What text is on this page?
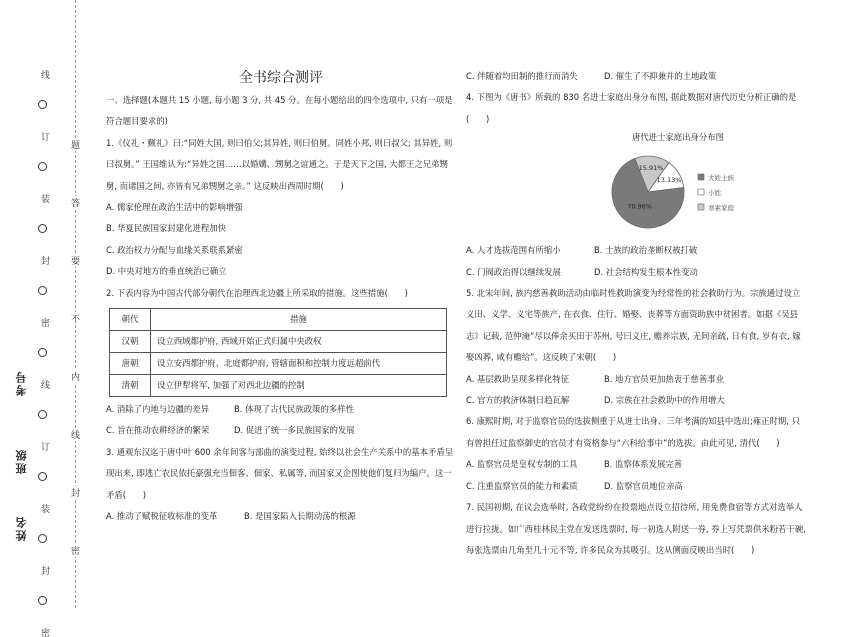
线
订
装
封
密
线
订
装
封
密
题
答
要
不
内
线
封
密
考号
班级
姓名
全书综合测评

一、选择题(本题共 15 小题, 每小题 3 分, 共 45 分。在每小题给出的四个选项中, 只有一项是符合题目要求的)

1.《仪礼・觐礼》曰:“同姓大国, 则曰伯父;其异姓, 则曰伯舅。同姓小邦, 则曰叔父; 其异姓, 则曰叔舅。” 王国维认为:“异姓之国……以婚媾、甥舅之谊通之。于是天下之国, 大都王之兄弟甥舅, 而诸国之间, 亦皆有兄弟甥舅之亲。” 这反映出西周时期(　　)

A. 儒家伦理在政治生活中的影响增强

B. 华夏民族国家封建化进程加快

C. 政治权力分配与血缘关系联系紧密

D. 中央对地方的垂直统治已确立

2. 下表内容为中国古代部分朝代在治理西北边疆上所采取的措施。这些措施(　　)

朝代	措施
汉朝	设立西域都护府, 西域开始正式归属中央政权
唐朝	设立安西都护府、北庭都护府, 管辖面积和控制力度远超前代
清朝	设立伊犁将军, 加强了对西北边疆的控制
A. 消除了内地与边疆的差异	B. 体现了古代民族政策的多样性
C. 旨在推动农耕经济的繁荣	D. 促进了统一多民族国家的发展

3. 通观东汉迄于唐中叶 600 余年间客与部曲的演变过程, 始终以社会生产关系中的基本矛盾呈现出来, 即逃亡农民依托豪强充当佃客、佃家、私属等, 而国家又企图使他们复归为编户。这一矛盾(　　)

A. 推动了赋税征收标准的变革	B. 是国家陷入长期动荡的根源
C. 伴随着均田制的推行而消失	D. 催生了不抑兼并的土地政策

4. 下图为《唐书》所载的 830 名进士家庭出身分布图, 据此数据对唐代历史分析正确的是(　　)

唐代进士家庭出身分布图
15.91%
13.13%
70.96%
大姓士族
小姓
寒素家庭
A. 人才选拔范围有所缩小	B. 士族的政治垄断权被打破
C. 门阀政治得以继续发展	D. 社会结构发生根本性变动

5. 北宋年间, 族内慈善救助活动由临时性救助演变为经常性的社会救助行为。宗族通过设立义田、义学、义宅等族产, 在衣食、住行、婚娶、丧葬等方面资助族中贫困者。如据《吴县志》记载, 范仲淹“尽以俸余买田于苏州, 号曰义庄, 赡养宗族, 无间亲疏, 日有食, 岁有衣, 嫁娶凶葬, 咸有赡给”。这反映了宋朝(　　)

A. 基层救助呈现多样化特征	B. 地方官员更加热衷于慈善事业
C. 官方的救济体制日趋瓦解	D. 宗族在社会救助中的作用增大

6. 康熙时期, 对于监察官员的选拔侧重于从进士出身、三年考满的知县中选出;雍正时期, 只有曾担任过监察御史的官员才有资格参与“六科给事中”的选拔。由此可见, 清代(　　)

A. 监察官员是皇权专制的工具	B. 监察体系发展完善
C. 注重监察官员的能力和素质	D. 监察官员地位亲高

7. 民国初期, 在议会选举时, 各政党纷纷在投票地点设立招待所, 用免费食宿等方式对选举人进行拉拢。如广西桂林民主党在发送选票时, 每一初选人附送一券, 券上写凭票供米粉若干碗, 每张选票由几角至几十元不等, 许多民众为其吸引。这从侧面反映出当时(　　)
